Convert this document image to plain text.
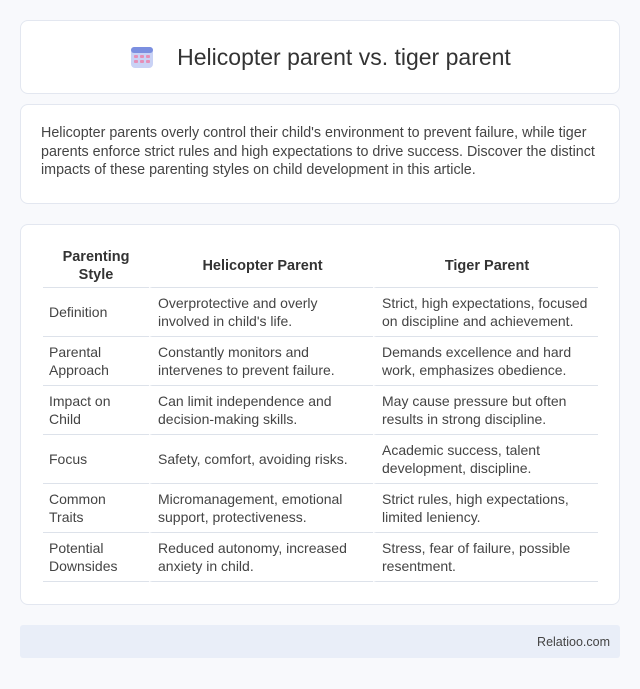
Helicopter parent vs. tiger parent

Helicopter parents overly control their child's environment to prevent failure, while tiger parents enforce strict rules and high expectations to drive success. Discover the distinct impacts of these parenting styles on child development in this article.

Parenting Style	Helicopter Parent	Tiger Parent
Definition	Overprotective and overly involved in child's life.	Strict, high expectations, focused on discipline and achievement.
Parental Approach	Constantly monitors and intervenes to prevent failure.	Demands excellence and hard work, emphasizes obedience.
Impact on Child	Can limit independence and decision-making skills.	May cause pressure but often results in strong discipline.
Focus	Safety, comfort, avoiding risks.	Academic success, talent development, discipline.
Common Traits	Micromanagement, emotional support, protectiveness.	Strict rules, high expectations, limited leniency.
Potential Downsides	Reduced autonomy, increased anxiety in child.	Stress, fear of failure, possible resentment.
Relatioo.com
